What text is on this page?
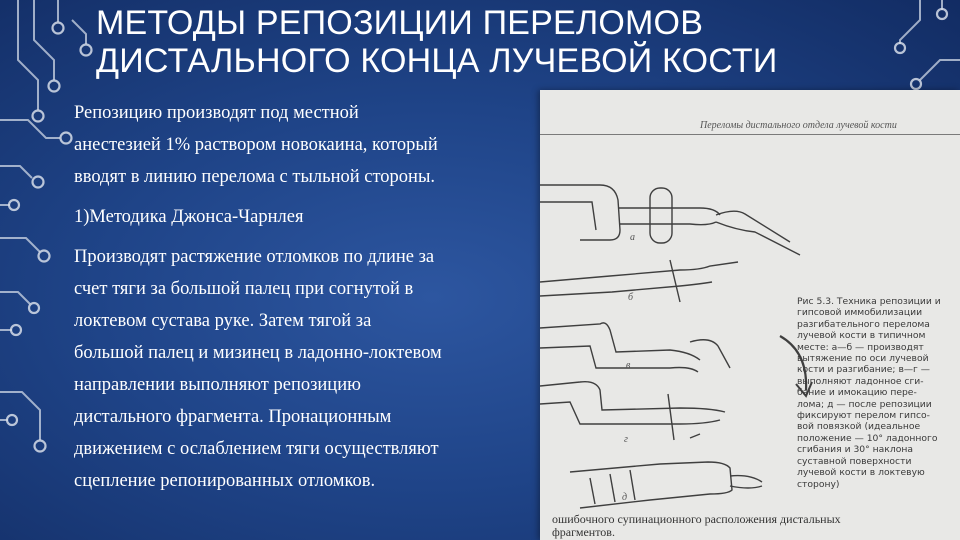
МЕТОДЫ РЕПОЗИЦИИ ПЕРЕЛОМОВ
ДИСТАЛЬНОГО КОНЦА ЛУЧЕВОЙ КОСТИ

Репозицию производят под местной

анестезией 1% раствором новокаина, который

вводят в линию перелома с тыльной стороны.

1)Методика Джонса-Чарнлея

Производят растяжение отломков по длине за

счет тяги за большой палец при согнутой в

локтевом сустава руке. Затем тягой за

большой палец и мизинец в ладонно-локтевом

направлении выполняют репозицию

дистального фрагмента. Пронационным

движением с ослаблением тяги осуществляют

сцепление репонированных отломков.

Переломы дистального отдела лучевой кости
а
б
в
г
д
Рис 5.3. Техника репозиции и
гипсовой иммобилизации
разгибательного перелома
лучевой кости в типичном
месте: а—б — производят
вытяжение по оси лучевой
кости и разгибание; в—г —
выполняют ладонное сги-
бание и имокацию пере-
лома; д — после репозиции
фиксируют перелом гипсо-
вой повязкой (идеальное
положение — 10° ладонного
сгибания и 30° наклона
суставной поверхности
лучевой кости в локтевую
сторону)
ошибочного супинационного расположения дистальных
фрагментов.
